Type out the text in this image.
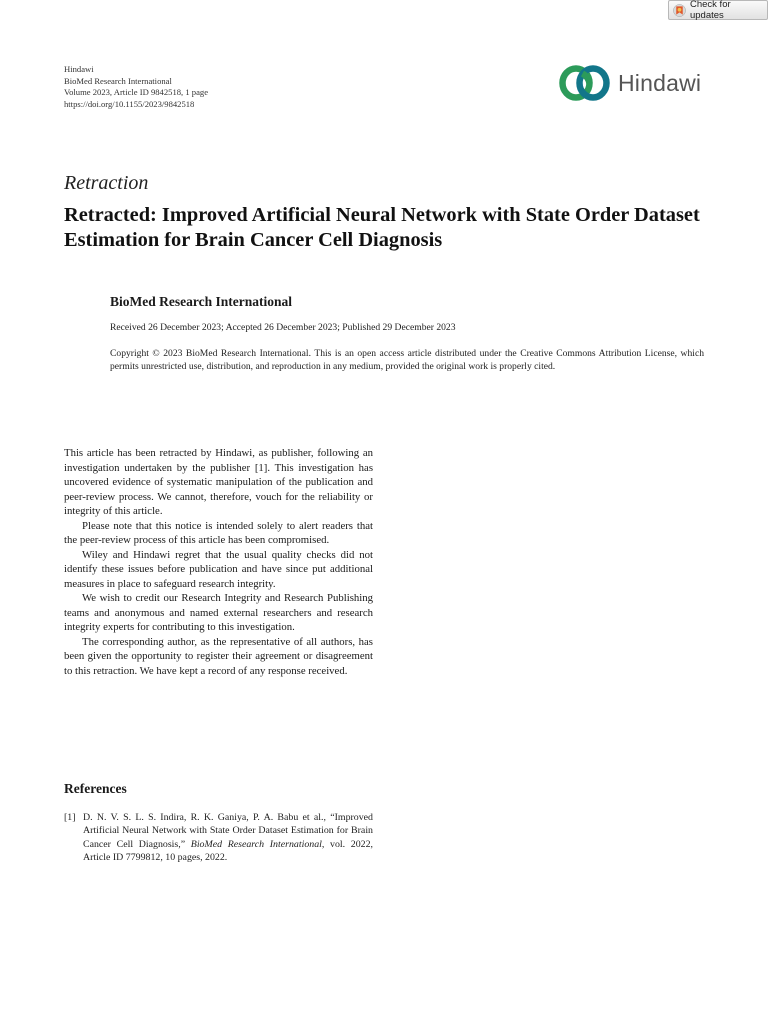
Check for updates
Hindawi
BioMed Research International
Volume 2023, Article ID 9842518, 1 page
https://doi.org/10.1155/2023/9842518
Hindawi
Retraction
Retracted: Improved Artificial Neural Network with State Order Dataset Estimation for Brain Cancer Cell Diagnosis
BioMed Research International
Received 26 December 2023; Accepted 26 December 2023; Published 29 December 2023

Copyright © 2023 BioMed Research International. This is an open access article distributed under the Creative Commons Attribution License, which permits unrestricted use, distribution, and reproduction in any medium, provided the original work is properly cited.

This article has been retracted by Hindawi, as publisher, following an investigation undertaken by the publisher [1]. This investigation has uncovered evidence of systematic manipulation of the publication and peer-review process. We cannot, therefore, vouch for the reliability or integrity of this article.

Please note that this notice is intended solely to alert readers that the peer-review process of this article has been compromised.

Wiley and Hindawi regret that the usual quality checks did not identify these issues before publication and have since put additional measures in place to safeguard research integrity.

We wish to credit our Research Integrity and Research Publishing teams and anonymous and named external researchers and research integrity experts for contributing to this investigation.

The corresponding author, as the representative of all authors, has been given the opportunity to register their agreement or disagreement to this retraction. We have kept a record of any response received.

References
[1] D. N. V. S. L. S. Indira, R. K. Ganiya, P. A. Babu et al., “Improved Artificial Neural Network with State Order Dataset Estimation for Brain Cancer Cell Diagnosis,” BioMed Research International, vol. 2022, Article ID 7799812, 10 pages, 2022.
